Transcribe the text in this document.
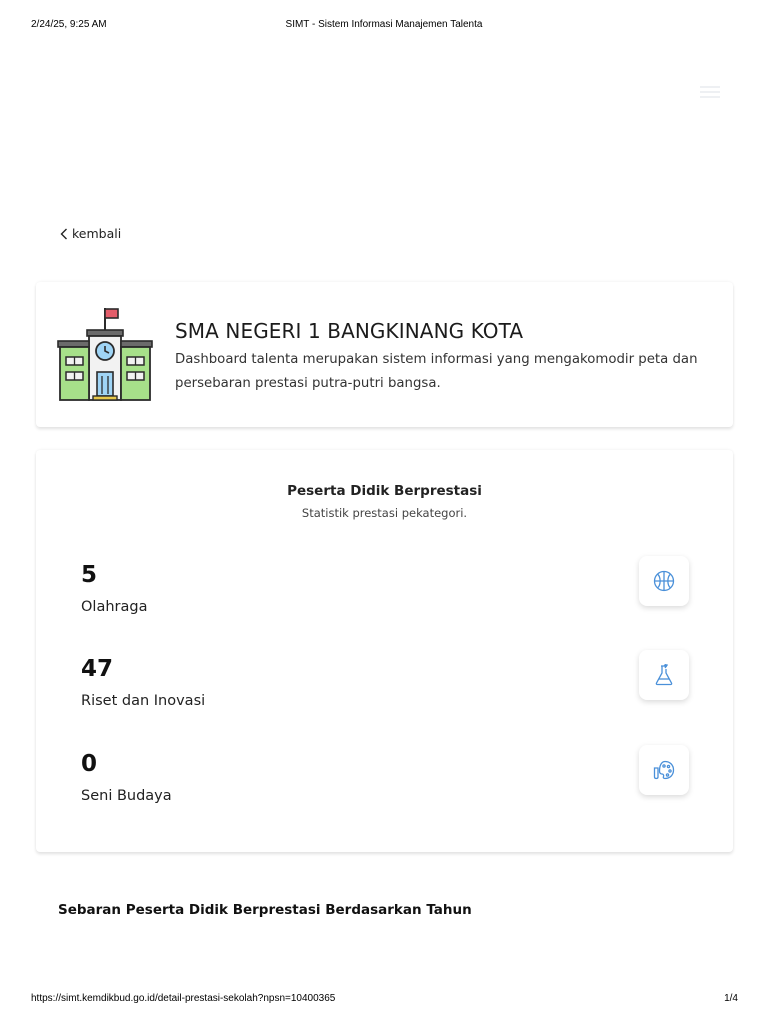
2/24/25, 9:25 AM	SIMT - Sistem Informasi Manajemen Talenta
kembali
SMA NEGERI 1 BANGKINANG KOTA
Dashboard talenta merupakan sistem informasi yang mengakomodir peta dan persebaran prestasi putra-putri bangsa.
Peserta Didik Berprestasi
Statistik prestasi pekategori.
5
Olahraga
47
Riset dan Inovasi
0
Seni Budaya
Sebaran Peserta Didik Berprestasi Berdasarkan Tahun
https://simt.kemdikbud.go.id/detail-prestasi-sekolah?npsn=10400365	1/4
